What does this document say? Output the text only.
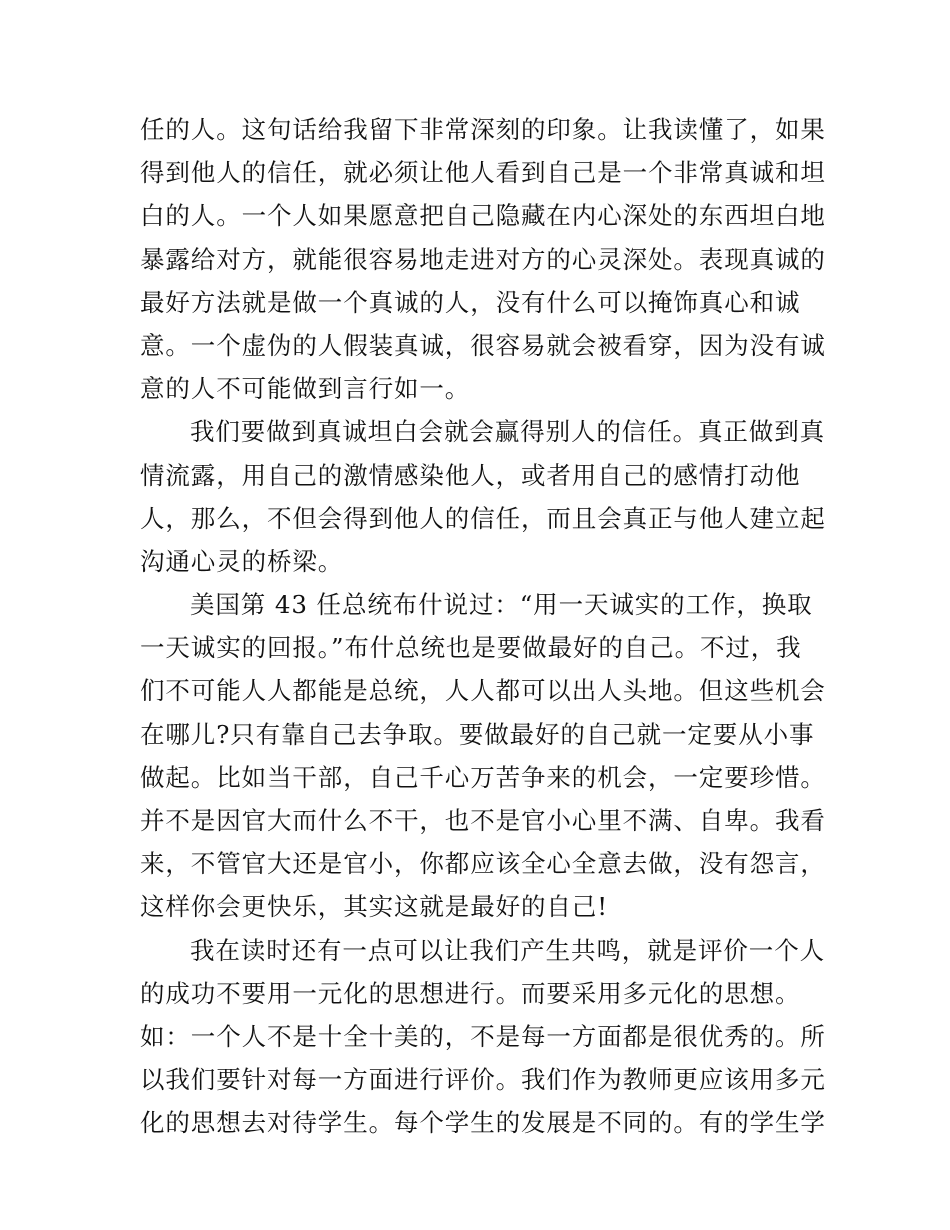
任的人。这句话给我留下非常深刻的印象。让我读懂了，如果
得到他人的信任，就必须让他人看到自己是一个非常真诚和坦
白的人。一个人如果愿意把自己隐藏在内心深处的东西坦白地
暴露给对方，就能很容易地走进对方的心灵深处。表现真诚的
最好方法就是做一个真诚的人，没有什么可以掩饰真心和诚
意。一个虚伪的人假装真诚，很容易就会被看穿，因为没有诚
意的人不可能做到言行如一。
我们要做到真诚坦白会就会赢得别人的信任。真正做到真
情流露，用自己的激情感染他人，或者用自己的感情打动他
人，那么，不但会得到他人的信任，而且会真正与他人建立起
沟通心灵的桥梁。
美国第 43 任总统布什说过：“用一天诚实的工作，换取
一天诚实的回报。”布什总统也是要做最好的自己。不过，我
们不可能人人都能是总统，人人都可以出人头地。但这些机会
在哪儿?只有靠自己去争取。要做最好的自己就一定要从小事
做起。比如当干部，自己千心万苦争来的机会，一定要珍惜。
并不是因官大而什么不干，也不是官小心里不满、自卑。我看
来，不管官大还是官小，你都应该全心全意去做，没有怨言，
这样你会更快乐，其实这就是最好的自己!
我在读时还有一点可以让我们产生共鸣，就是评价一个人
的成功不要用一元化的思想进行。而要采用多元化的思想。
如：一个人不是十全十美的，不是每一方面都是很优秀的。所
以我们要针对每一方面进行评价。我们作为教师更应该用多元
化的思想去对待学生。每个学生的发展是不同的。有的学生学
